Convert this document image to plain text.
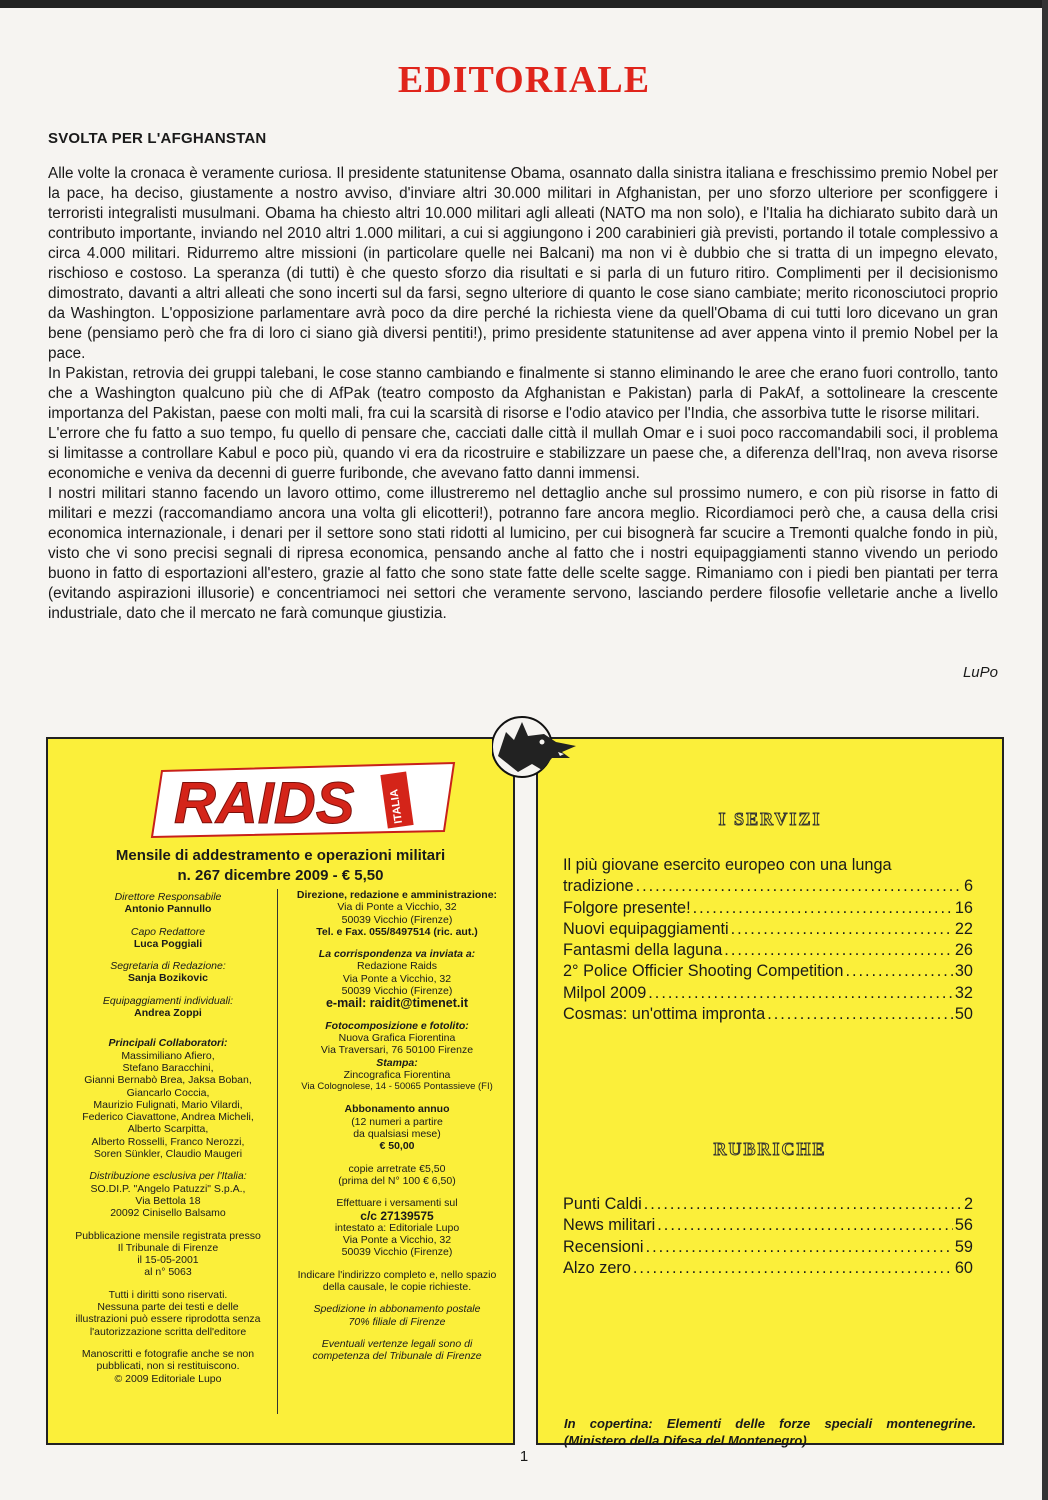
EDITORIALE
SVOLTA PER L'AFGHANSTAN

Alle volte la cronaca è veramente curiosa. Il presidente statunitense Obama, osannato dalla sinistra italiana e freschissimo premio Nobel per la pace, ha deciso, giustamente a nostro avviso, d'inviare altri 30.000 militari in Afghanistan, per uno sforzo ulteriore per sconfiggere i terroristi integralisti musulmani. Obama ha chiesto altri 10.000 militari agli alleati (NATO ma non solo), e l'Italia ha dichiarato subito darà un contributo importante, inviando nel 2010 altri 1.000 militari, a cui si aggiungono i 200 carabinieri già previsti, portando il totale complessivo a circa 4.000 militari. Ridurremo altre missioni (in particolare quelle nei Balcani) ma non vi è dubbio che si tratta di un impegno elevato, rischioso e costoso. La speranza (di tutti) è che questo sforzo dia risultati e si parla di un futuro ritiro. Complimenti per il decisionismo dimostrato, davanti a altri alleati che sono incerti sul da farsi, segno ulteriore di quanto le cose siano cambiate; merito riconosciutoci proprio da Washington. L'opposizione parlamentare avrà poco da dire perché la richiesta viene da quell'Obama di cui tutti loro dicevano un gran bene (pensiamo però che fra di loro ci siano già diversi pentiti!), primo presidente statunitense ad aver appena vinto il premio Nobel per la pace.

In Pakistan, retrovia dei gruppi talebani, le cose stanno cambiando e finalmente si stanno eliminando le aree che erano fuori controllo, tanto che a Washington qualcuno più che di AfPak (teatro composto da Afghanistan e Pakistan) parla di PakAf, a sottolineare la crescente importanza del Pakistan, paese con molti mali, fra cui la scarsità di risorse e l'odio atavico per l'India, che assorbiva tutte le risorse militari.

L'errore che fu fatto a suo tempo, fu quello di pensare che, cacciati dalle città il mullah Omar e i suoi poco raccomandabili soci, il problema si limitasse a controllare Kabul e poco più, quando vi era da ricostruire e stabilizzare un paese che, a diferenza dell'Iraq, non aveva risorse economiche e veniva da decenni di guerre furibonde, che avevano fatto danni immensi.

I nostri militari stanno facendo un lavoro ottimo, come illustreremo nel dettaglio anche sul prossimo numero, e con più risorse in fatto di militari e mezzi (raccomandiamo ancora una volta gli elicotteri!), potranno fare ancora meglio. Ricordiamoci però che, a causa della crisi economica internazionale, i denari per il settore sono stati ridotti al lumicino, per cui bisognerà far scucire a Tremonti qualche fondo in più, visto che vi sono precisi segnali di ripresa economica, pensando anche al fatto che i nostri equipaggiamenti stanno vivendo un periodo buono in fatto di esportazioni all'estero, grazie al fatto che sono state fatte delle scelte sagge. Rimaniamo con i piedi ben piantati per terra (evitando aspirazioni illusorie) e concentriamoci nei settori che veramente servono, lasciando perdere filosofie velletarie anche a livello industriale, dato che il mercato ne farà comunque giustizia.

LuPo
RAIDS	ITALIA
Mensile di addestramento e operazioni militari
n. 267 dicembre 2009 - € 5,50
Direttore Responsabile
Antonio Pannullo
Capo Redattore
Luca Poggiali
Segretaria di Redazione:
Sanja Bozikovic
Equipaggiamenti individuali:
Andrea Zoppi
Principali Collaboratori:
Massimiliano Afiero,
Stefano Baracchini,
Gianni Bernabò Brea, Jaksa Boban,
Giancarlo Coccia,
Maurizio Fulignati, Mario Vilardi,
Federico Ciavattone, Andrea Micheli,
Alberto Scarpitta,
Alberto Rosselli, Franco Nerozzi,
Soren Sünkler, Claudio Maugeri
Distribuzione esclusiva per l'Italia:
SO.DI.P. "Angelo Patuzzi" S.p.A.,
Via Bettola 18
20092 Cinisello Balsamo
Pubblicazione mensile registrata presso
Il Tribunale di Firenze
il 15-05-2001
al n° 5063
Tutti i diritti sono riservati.
Nessuna parte dei testi e delle
illustrazioni può essere riprodotta senza
l'autorizzazione scritta dell'editore
Manoscritti e fotografie anche se non
pubblicati, non si restituiscono.
© 2009 Editoriale Lupo
Direzione, redazione e amministrazione:
Via di Ponte a Vicchio, 32
50039 Vicchio (Firenze)
Tel. e Fax. 055/8497514 (ric. aut.)
La corrispondenza va inviata a:
Redazione Raids
Via Ponte a Vicchio, 32
50039 Vicchio (Firenze)
e-mail: raidit@timenet.it
Fotocomposizione e fotolito:
Nuova Grafica Fiorentina
Via Traversari, 76 50100 Firenze
Stampa:
Zincografica Fiorentina
Via Colognolese, 14 - 50065 Pontassieve (FI)
Abbonamento annuo
(12 numeri a partire
da qualsiasi mese)
€ 50,00
copie arretrate €5,50
(prima del N° 100 € 6,50)
Effettuare i versamenti sul
c/c 27139575
intestato a: Editoriale Lupo
Via Ponte a Vicchio, 32
50039 Vicchio (Firenze)
Indicare l'indirizzo completo e, nello spazio
della causale, le copie richieste.
Spedizione in abbonamento postale
70% filiale di Firenze
Eventuali vertenze legali sono di
competenza del Tribunale di Firenze
I SERVIZI
Il più giovane esercito europeo con una lunga
tradizione .....	6
Folgore presente! .....	16
Nuovi equipaggiamenti .....	22
Fantasmi della laguna .....	26
2° Police Officier Shooting Competition .....	30
Milpol 2009 .....	32
Cosmas: un'ottima impronta .....	50
RUBRICHE
Punti Caldi .....	2
News militari .....	56
Recensioni .....	59
Alzo zero .....	60
In copertina: Elementi delle forze speciali montenegrine. (Ministero della Difesa del Montenegro)
1
